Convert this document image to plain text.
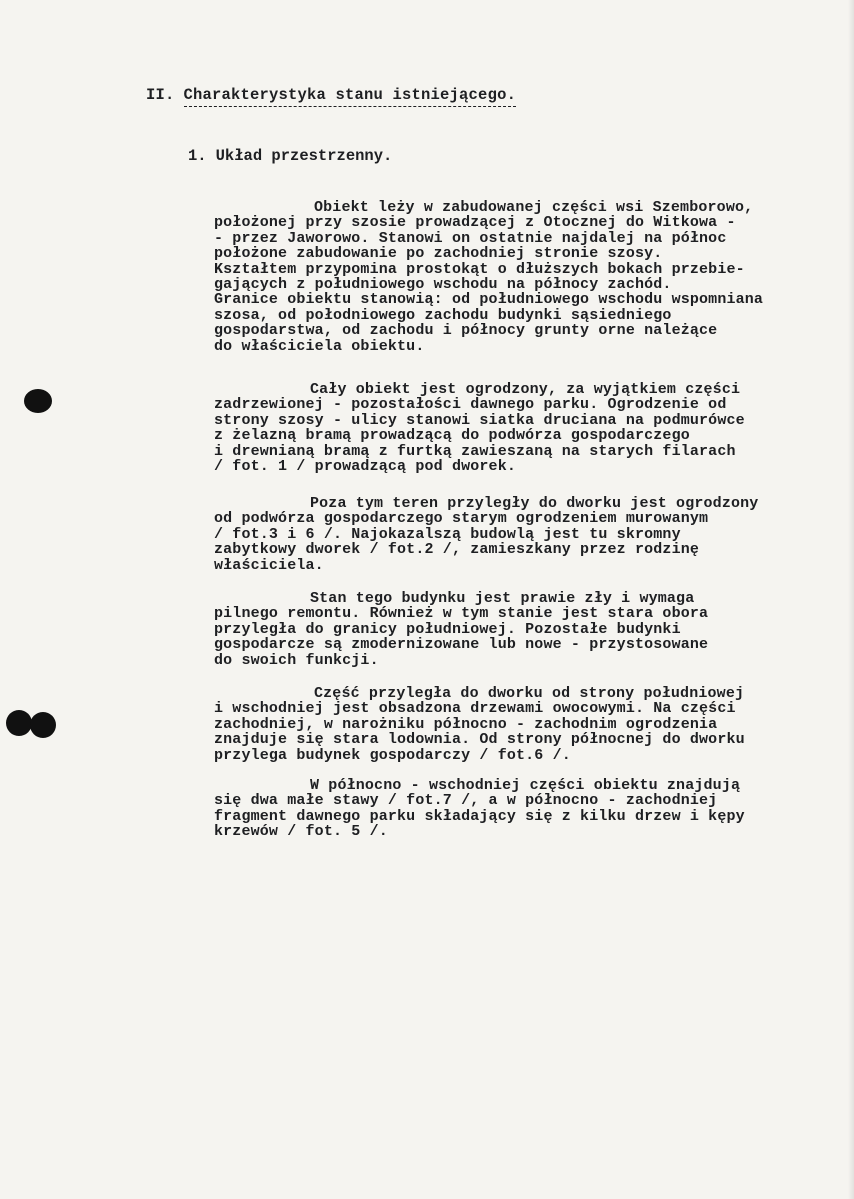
II. Charakterystyka stanu istniejącego.
1. Układ przestrzenny.
Obiekt leży w zabudowanej części wsi Szemborowo,
położonej przy szosie prowadzącej z Otocznej do Witkowa -
- przez Jaworowo. Stanowi on ostatnie najdalej na północ
położone zabudowanie po zachodniej stronie szosy.
Kształtem przypomina prostokąt o dłuższych bokach przebie-
gających z południowego wschodu na północy zachód.
Granice obiektu stanowią: od południowego wschodu wspomniana
szosa, od połodniowego zachodu budynki sąsiedniego
gospodarstwa, od zachodu i północy grunty orne należące
do właściciela obiektu.
Cały obiekt jest ogrodzony, za wyjątkiem części
zadrzewionej - pozostałości dawnego parku. Ogrodzenie od
strony szosy - ulicy stanowi siatka druciana na podmurówce
z żelazną bramą prowadzącą do podwórza gospodarczego
i drewnianą bramą z furtką zawieszaną na starych filarach
/ fot. 1 / prowadzącą pod dworek.
Poza tym teren przyległy do dworku jest ogrodzony
od podwórza gospodarczego starym ogrodzeniem murowanym
/ fot.3 i 6 /. Najokazalszą budowlą jest tu skromny
zabytkowy dworek / fot.2 /, zamieszkany przez rodzinę
właściciela.
Stan tego budynku jest prawie zły i wymaga
pilnego remontu. Również w tym stanie jest stara obora
przyległa do granicy południowej. Pozostałe budynki
gospodarcze są zmodernizowane lub nowe - przystosowane
do swoich funkcji.
Część przyległa do dworku od strony południowej
i wschodniej jest obsadzona drzewami owocowymi. Na części
zachodniej, w narożniku północno - zachodnim ogrodzenia
znajduje się stara lodownia. Od strony północnej do dworku
przylega budynek gospodarczy / fot.6 /.
W północno - wschodniej części obiektu znajdują
się dwa małe stawy / fot.7 /, a w północno - zachodniej
fragment dawnego parku składający się z kilku drzew i kępy
krzewów / fot. 5 /.
